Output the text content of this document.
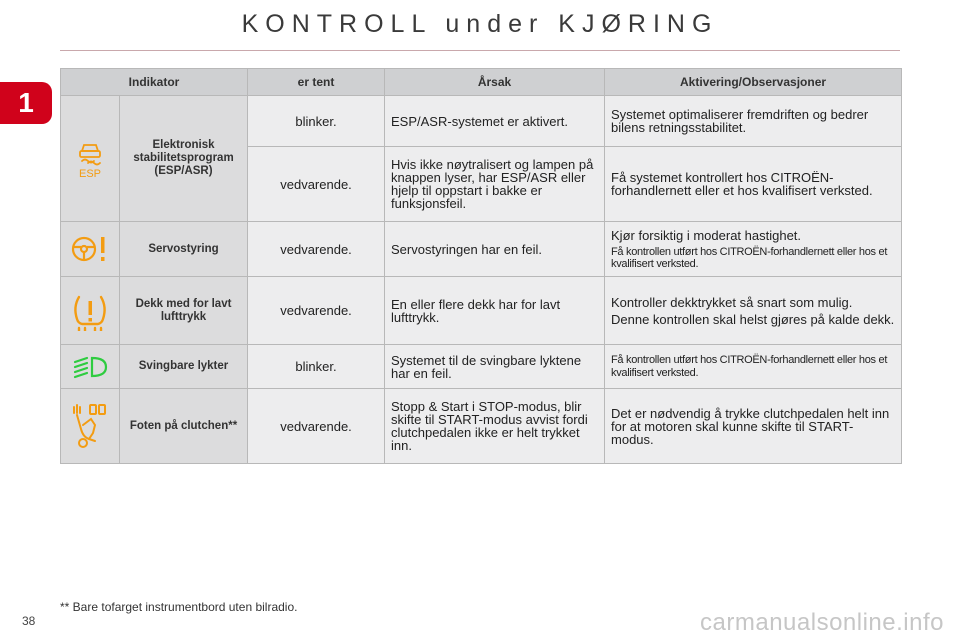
KONTROLL under KJØRING
1
Indikator		er tent	Årsak	Aktivering/Observasjoner

ESP	Elektronisk stabilitetsprogram (ESP/ASR)	blinker.	ESP/ASR-systemet er aktivert.	Systemet optimaliserer fremdriften og bedrer bilens retningsstabilitet.
		vedvarende.	Hvis ikke nøytralisert og lampen på knappen lyser, har ESP/ASR eller hjelp til oppstart i bakke er funksjonsfeil.	Få systemet kontrollert hos CITROËN-forhandlernett eller et hos kvalifisert verksted.

	Servostyring	vedvarende.	Servostyringen har en feil.	Kjør forsiktig i moderat hastighet.

Få kontrollen utført hos CITROËN-forhandlernett eller hos et kvalifisert verksted.

	Dekk med for lavt lufttrykk	vedvarende.	En eller flere dekk har for lavt lufttrykk.	Kontroller dekktrykket så snart som mulig.

Denne kontrollen skal helst gjøres på kalde dekk.

	Svingbare lykter	blinker.	Systemet til de svingbare lyktene har en feil.	Få kontrollen utført hos CITROËN-forhandlernett eller hos et kvalifisert verksted.

	Foten på clutchen**	vedvarende.	Stopp & Start i STOP-modus, blir skifte til START-modus avvist fordi clutchpedalen ikke er helt trykket inn.	Det er nødvendig å trykke clutchpedalen helt inn for at motoren skal kunne skifte til START-modus.
** Bare tofarget instrumentbord uten bilradio.
38	carmanualsonline.info
